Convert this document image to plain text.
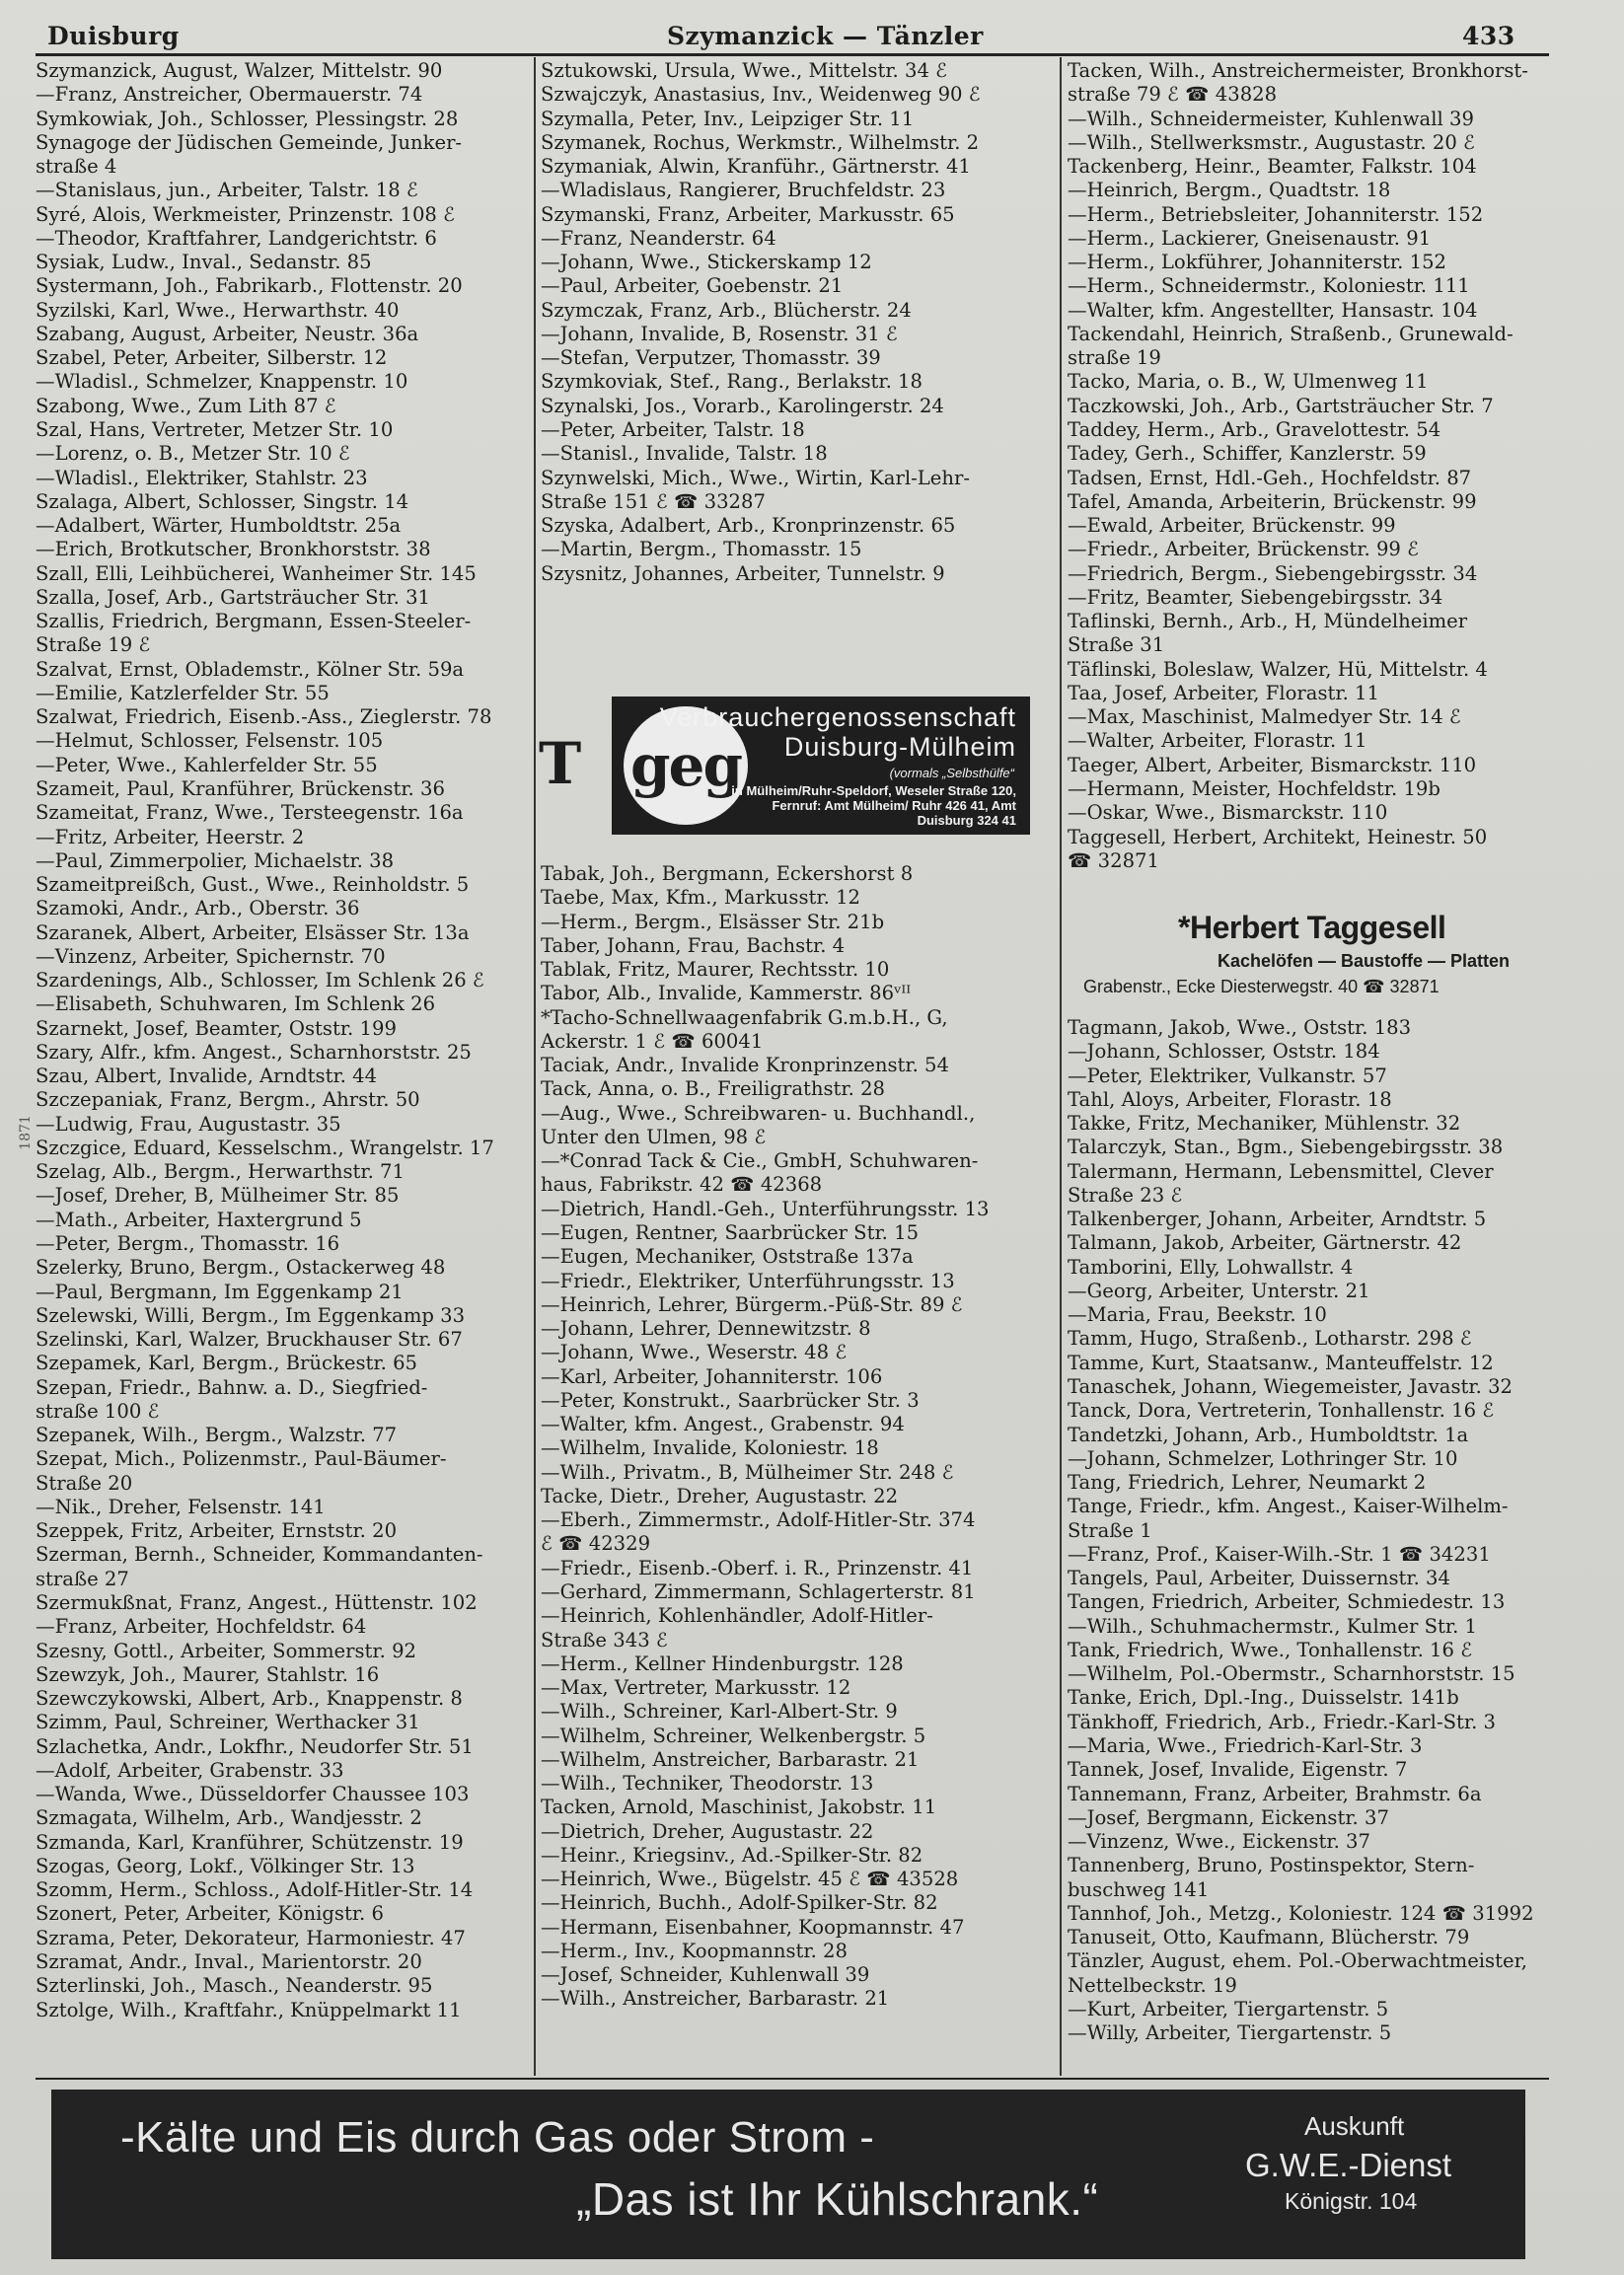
Duisburg	Szymanzick — Tänzler	433
Szymanzick, August, Walzer, Mittelstr. 90
—Franz, Anstreicher, Obermauerstr. 74
Symkowiak, Joh., Schlosser, Plessingstr. 28
Synagoge der Jüdischen Gemeinde, Junker-
straße 4
—Stanislaus, jun., Arbeiter, Talstr. 18 ℰ
Syré, Alois, Werkmeister, Prinzenstr. 108 ℰ
—Theodor, Kraftfahrer, Landgerichtstr. 6
Sysiak, Ludw., Inval., Sedanstr. 85
Systermann, Joh., Fabrikarb., Flottenstr. 20
Syzilski, Karl, Wwe., Herwarthstr. 40
Szabang, August, Arbeiter, Neustr. 36a
Szabel, Peter, Arbeiter, Silberstr. 12
—Wladisl., Schmelzer, Knappenstr. 10
Szabong, Wwe., Zum Lith 87 ℰ
Szal, Hans, Vertreter, Metzer Str. 10
—Lorenz, o. B., Metzer Str. 10 ℰ
—Wladisl., Elektriker, Stahlstr. 23
Szalaga, Albert, Schlosser, Singstr. 14
—Adalbert, Wärter, Humboldtstr. 25a
—Erich, Brotkutscher, Bronkhorststr. 38
Szall, Elli, Leihbücherei, Wanheimer Str. 145
Szalla, Josef, Arb., Gartsträucher Str. 31
Szallis, Friedrich, Bergmann, Essen-Steeler-
Straße 19 ℰ
Szalvat, Ernst, Oblademstr., Kölner Str. 59a
—Emilie, Katzlerfelder Str. 55
Szalwat, Friedrich, Eisenb.-Ass., Zieglerstr. 78
—Helmut, Schlosser, Felsenstr. 105
—Peter, Wwe., Kahlerfelder Str. 55
Szameit, Paul, Kranführer, Brückenstr. 36
Szameitat, Franz, Wwe., Tersteegenstr. 16a
—Fritz, Arbeiter, Heerstr. 2
—Paul, Zimmerpolier, Michaelstr. 38
Szameitpreißch, Gust., Wwe., Reinholdstr. 5
Szamoki, Andr., Arb., Oberstr. 36
Szaranek, Albert, Arbeiter, Elsässer Str. 13a
—Vinzenz, Arbeiter, Spichernstr. 70
Szardenings, Alb., Schlosser, Im Schlenk 26 ℰ
—Elisabeth, Schuhwaren, Im Schlenk 26
Szarnekt, Josef, Beamter, Oststr. 199
Szary, Alfr., kfm. Angest., Scharnhorststr. 25
Szau, Albert, Invalide, Arndtstr. 44
Szczepaniak, Franz, Bergm., Ahrstr. 50
—Ludwig, Frau, Augustastr. 35
Szczgice, Eduard, Kesselschm., Wrangelstr. 17
Szelag, Alb., Bergm., Herwarthstr. 71
—Josef, Dreher, B, Mülheimer Str. 85
—Math., Arbeiter, Haxtergrund 5
—Peter, Bergm., Thomasstr. 16
Szelerky, Bruno, Bergm., Ostackerweg 48
—Paul, Bergmann, Im Eggenkamp 21
Szelewski, Willi, Bergm., Im Eggenkamp 33
Szelinski, Karl, Walzer, Bruckhauser Str. 67
Szepamek, Karl, Bergm., Brückestr. 65
Szepan, Friedr., Bahnw. a. D., Siegfried-
straße 100 ℰ
Szepanek, Wilh., Bergm., Walzstr. 77
Szepat, Mich., Polizenmstr., Paul-Bäumer-
Straße 20
—Nik., Dreher, Felsenstr. 141
Szeppek, Fritz, Arbeiter, Ernststr. 20
Szerman, Bernh., Schneider, Kommandanten-
straße 27
Szermukßnat, Franz, Angest., Hüttenstr. 102
—Franz, Arbeiter, Hochfeldstr. 64
Szesny, Gottl., Arbeiter, Sommerstr. 92
Szewzyk, Joh., Maurer, Stahlstr. 16
Szewczykowski, Albert, Arb., Knappenstr. 8
Szimm, Paul, Schreiner, Werthacker 31
Szlachetka, Andr., Lokfhr., Neudorfer Str. 51
—Adolf, Arbeiter, Grabenstr. 33
—Wanda, Wwe., Düsseldorfer Chaussee 103
Szmagata, Wilhelm, Arb., Wandjesstr. 2
Szmanda, Karl, Kranführer, Schützenstr. 19
Szogas, Georg, Lokf., Völkinger Str. 13
Szomm, Herm., Schloss., Adolf-Hitler-Str. 14
Szonert, Peter, Arbeiter, Königstr. 6
Szrama, Peter, Dekorateur, Harmoniestr. 47
Szramat, Andr., Inval., Marientorstr. 20
Szterlinski, Joh., Masch., Neanderstr. 95
Sztolge, Wilh., Kraftfahr., Knüppelmarkt 11
Sztukowski, Ursula, Wwe., Mittelstr. 34 ℰ
Szwajczyk, Anastasius, Inv., Weidenweg 90 ℰ
Szymalla, Peter, Inv., Leipziger Str. 11
Szymanek, Rochus, Werkmstr., Wilhelmstr. 2
Szymaniak, Alwin, Kranführ., Gärtnerstr. 41
—Wladislaus, Rangierer, Bruchfeldstr. 23
Szymanski, Franz, Arbeiter, Markusstr. 65
—Franz, Neanderstr. 64
—Johann, Wwe., Stickerskamp 12
—Paul, Arbeiter, Goebenstr. 21
Szymczak, Franz, Arb., Blücherstr. 24
—Johann, Invalide, B, Rosenstr. 31 ℰ
—Stefan, Verputzer, Thomasstr. 39
Szymkoviak, Stef., Rang., Berlakstr. 18
Szynalski, Jos., Vorarb., Karolingerstr. 24
—Peter, Arbeiter, Talstr. 18
—Stanisl., Invalide, Talstr. 18
Szynwelski, Mich., Wwe., Wirtin, Karl-Lehr-
Straße 151 ℰ ☎ 33287
Szyska, Adalbert, Arb., Kronprinzenstr. 65
—Martin, Bergm., Thomasstr. 15
Szysnitz, Johannes, Arbeiter, Tunnelstr. 9
Tabak, Joh., Bergmann, Eckershorst 8
Taebe, Max, Kfm., Markusstr. 12
—Herm., Bergm., Elsässer Str. 21b
Taber, Johann, Frau, Bachstr. 4
Tablak, Fritz, Maurer, Rechtsstr. 10
Tabor, Alb., Invalide, Kammerstr. 86ᵛᴵᴵ
*Tacho-Schnellwaagenfabrik G.m.b.H., G,
Ackerstr. 1 ℰ ☎ 60041
Taciak, Andr., Invalide Kronprinzenstr. 54
Tack, Anna, o. B., Freiligrathstr. 28
—Aug., Wwe., Schreibwaren- u. Buchhandl.,
Unter den Ulmen, 98 ℰ
—*Conrad Tack & Cie., GmbH, Schuhwaren-
haus, Fabrikstr. 42 ☎ 42368
—Dietrich, Handl.-Geh., Unterführungsstr. 13
—Eugen, Rentner, Saarbrücker Str. 15
—Eugen, Mechaniker, Oststraße 137a
—Friedr., Elektriker, Unterführungsstr. 13
—Heinrich, Lehrer, Bürgerm.-Püß-Str. 89 ℰ
—Johann, Lehrer, Dennewitzstr. 8
—Johann, Wwe., Weserstr. 48 ℰ
—Karl, Arbeiter, Johanniterstr. 106
—Peter, Konstrukt., Saarbrücker Str. 3
—Walter, kfm. Angest., Grabenstr. 94
—Wilhelm, Invalide, Koloniestr. 18
—Wilh., Privatm., B, Mülheimer Str. 248 ℰ
Tacke, Dietr., Dreher, Augustastr. 22
—Eberh., Zimmermstr., Adolf-Hitler-Str. 374
ℰ ☎ 42329
—Friedr., Eisenb.-Oberf. i. R., Prinzenstr. 41
—Gerhard, Zimmermann, Schlagerterstr. 81
—Heinrich, Kohlenhändler, Adolf-Hitler-
Straße 343 ℰ
—Herm., Kellner Hindenburgstr. 128
—Max, Vertreter, Markusstr. 12
—Wilh., Schreiner, Karl-Albert-Str. 9
—Wilhelm, Schreiner, Welkenbergstr. 5
—Wilhelm, Anstreicher, Barbarastr. 21
—Wilh., Techniker, Theodorstr. 13
Tacken, Arnold, Maschinist, Jakobstr. 11
—Dietrich, Dreher, Augustastr. 22
—Heinr., Kriegsinv., Ad.-Spilker-Str. 82
—Heinrich, Wwe., Bügelstr. 45 ℰ ☎ 43528
—Heinrich, Buchh., Adolf-Spilker-Str. 82
—Hermann, Eisenbahner, Koopmannstr. 47
—Herm., Inv., Koopmannstr. 28
—Josef, Schneider, Kuhlenwall 39
—Wilh., Anstreicher, Barbarastr. 21
T geg
Verbrauchergenossenschaft
Duisburg-Mülheim
(vormals „Selbsthülfe“
in Mülheim/Ruhr-Speldorf, Weseler Straße 120, Fernruf: Amt Mülheim/ Ruhr 426 41, Amt Duisburg 324 41
Tacken, Wilh., Anstreichermeister, Bronkhorst-
straße 79 ℰ ☎ 43828
—Wilh., Schneidermeister, Kuhlenwall 39
—Wilh., Stellwerksmstr., Augustastr. 20 ℰ
Tackenberg, Heinr., Beamter, Falkstr. 104
—Heinrich, Bergm., Quadtstr. 18
—Herm., Betriebsleiter, Johanniterstr. 152
—Herm., Lackierer, Gneisenaustr. 91
—Herm., Lokführer, Johanniterstr. 152
—Herm., Schneidermstr., Koloniestr. 111
—Walter, kfm. Angestellter, Hansastr. 104
Tackendahl, Heinrich, Straßenb., Grunewald-
straße 19
Tacko, Maria, o. B., W, Ulmenweg 11
Taczkowski, Joh., Arb., Gartsträucher Str. 7
Taddey, Herm., Arb., Gravelottestr. 54
Tadey, Gerh., Schiffer, Kanzlerstr. 59
Tadsen, Ernst, Hdl.-Geh., Hochfeldstr. 87
Tafel, Amanda, Arbeiterin, Brückenstr. 99
—Ewald, Arbeiter, Brückenstr. 99
—Friedr., Arbeiter, Brückenstr. 99 ℰ
—Friedrich, Bergm., Siebengebirgsstr. 34
—Fritz, Beamter, Siebengebirgsstr. 34
Taflinski, Bernh., Arb., H, Mündelheimer
Straße 31
Täflinski, Boleslaw, Walzer, Hü, Mittelstr. 4
Taa, Josef, Arbeiter, Florastr. 11
—Max, Maschinist, Malmedyer Str. 14 ℰ
—Walter, Arbeiter, Florastr. 11
Taeger, Albert, Arbeiter, Bismarckstr. 110
—Hermann, Meister, Hochfeldstr. 19b
—Oskar, Wwe., Bismarckstr. 110
Taggesell, Herbert, Architekt, Heinestr. 50
☎ 32871
Tagmann, Jakob, Wwe., Oststr. 183
—Johann, Schlosser, Oststr. 184
—Peter, Elektriker, Vulkanstr. 57
Tahl, Aloys, Arbeiter, Florastr. 18
Takke, Fritz, Mechaniker, Mühlenstr. 32
Talarczyk, Stan., Bgm., Siebengebirgsstr. 38
Talermann, Hermann, Lebensmittel, Clever
Straße 23 ℰ
Talkenberger, Johann, Arbeiter, Arndtstr. 5
Talmann, Jakob, Arbeiter, Gärtnerstr. 42
Tamborini, Elly, Lohwallstr. 4
—Georg, Arbeiter, Unterstr. 21
—Maria, Frau, Beekstr. 10
Tamm, Hugo, Straßenb., Lotharstr. 298 ℰ
Tamme, Kurt, Staatsanw., Manteuffelstr. 12
Tanaschek, Johann, Wiegemeister, Javastr. 32
Tanck, Dora, Vertreterin, Tonhallenstr. 16 ℰ
Tandetzki, Johann, Arb., Humboldtstr. 1a
—Johann, Schmelzer, Lothringer Str. 10
Tang, Friedrich, Lehrer, Neumarkt 2
Tange, Friedr., kfm. Angest., Kaiser-Wilhelm-
Straße 1
—Franz, Prof., Kaiser-Wilh.-Str. 1 ☎ 34231
Tangels, Paul, Arbeiter, Duissernstr. 34
Tangen, Friedrich, Arbeiter, Schmiedestr. 13
—Wilh., Schuhmachermstr., Kulmer Str. 1
Tank, Friedrich, Wwe., Tonhallenstr. 16 ℰ
—Wilhelm, Pol.-Obermstr., Scharnhorststr. 15
Tanke, Erich, Dpl.-Ing., Duisselstr. 141b
Tänkhoff, Friedrich, Arb., Friedr.-Karl-Str. 3
—Maria, Wwe., Friedrich-Karl-Str. 3
Tannek, Josef, Invalide, Eigenstr. 7
Tannemann, Franz, Arbeiter, Brahmstr. 6a
—Josef, Bergmann, Eickenstr. 37
—Vinzenz, Wwe., Eickenstr. 37
Tannenberg, Bruno, Postinspektor, Stern-
buschweg 141
Tannhof, Joh., Metzg., Koloniestr. 124 ☎ 31992
Tanuseit, Otto, Kaufmann, Blücherstr. 79
Tänzler, August, ehem. Pol.-Oberwachtmeister,
Nettelbeckstr. 19
—Kurt, Arbeiter, Tiergartenstr. 5
—Willy, Arbeiter, Tiergartenstr. 5
*Herbert Taggesell
Kachelöfen — Baustoffe — Platten
Grabenstr., Ecke Diesterwegstr. 40 ☎ 32871
1871
-Kälte und Eis durch Gas oder Strom -
„Das ist Ihr Kühlschrank.“
Auskunft
G.W.E.-Dienst
Königstr. 104
